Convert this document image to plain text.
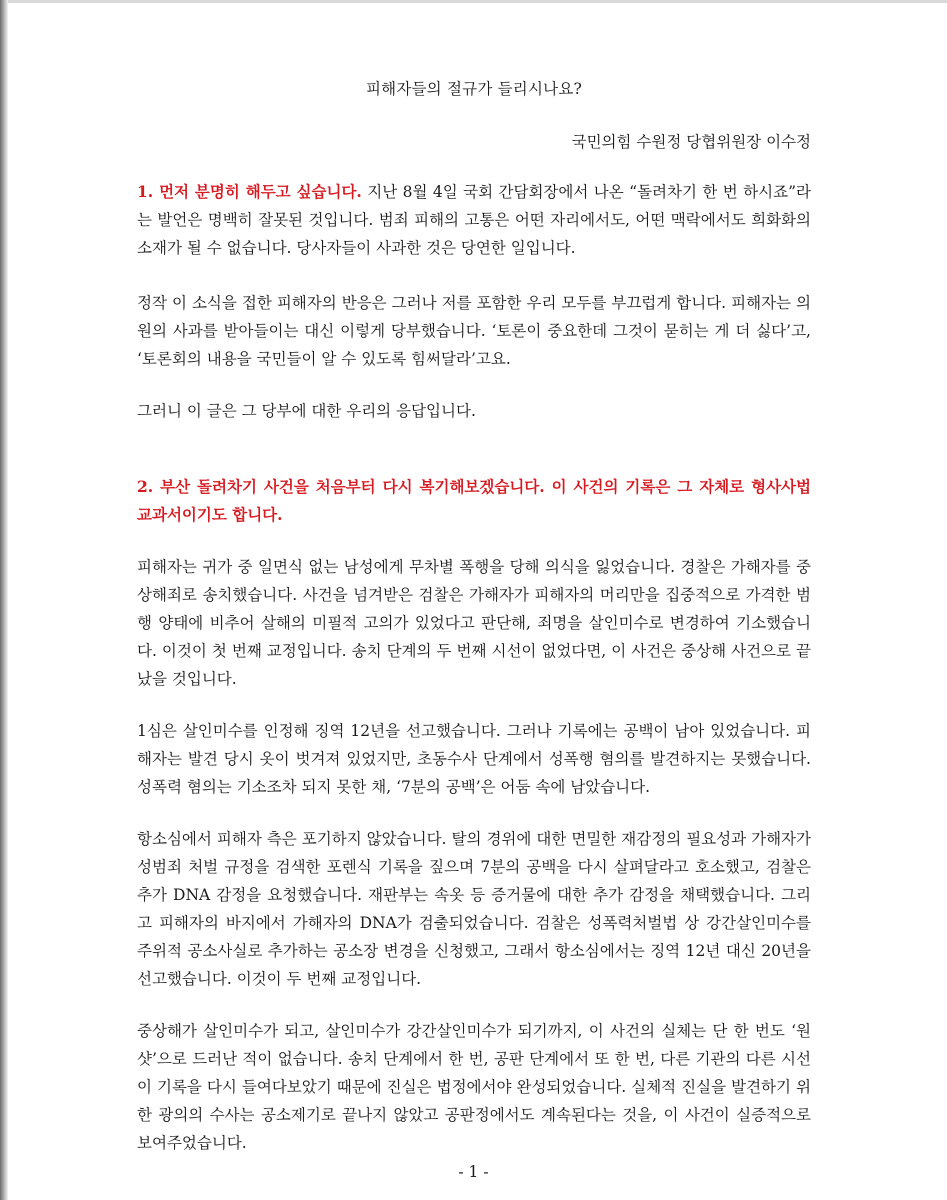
피해자들의 절규가 들리시나요?

국민의힘 수원정 당협위원장 이수정

1. 먼저 분명히 해두고 싶습니다. 지난 8월 4일 국회 간담회장에서 나온 “돌려차기 한 번 하시죠”라는 발언은 명백히 잘못된 것입니다. 범죄 피해의 고통은 어떤 자리에서도, 어떤 맥락에서도 희화화의 소재가 될 수 없습니다. 당사자들이 사과한 것은 당연한 일입니다.

정작 이 소식을 접한 피해자의 반응은 그러나 저를 포함한 우리 모두를 부끄럽게 합니다. 피해자는 의원의 사과를 받아들이는 대신 이렇게 당부했습니다. ‘토론이 중요한데 그것이 묻히는 게 더 싫다’고, ‘토론회의 내용을 국민들이 알 수 있도록 힘써달라’고요.

그러니 이 글은 그 당부에 대한 우리의 응답입니다.

2. 부산 돌려차기 사건을 처음부터 다시 복기해보겠습니다. 이 사건의 기록은 그 자체로 형사사법 교과서이기도 합니다.

피해자는 귀가 중 일면식 없는 남성에게 무차별 폭행을 당해 의식을 잃었습니다. 경찰은 가해자를 중상해죄로 송치했습니다. 사건을 넘겨받은 검찰은 가해자가 피해자의 머리만을 집중적으로 가격한 범행 양태에 비추어 살해의 미필적 고의가 있었다고 판단해, 죄명을 살인미수로 변경하여 기소했습니다. 이것이 첫 번째 교정입니다. 송치 단계의 두 번째 시선이 없었다면, 이 사건은 중상해 사건으로 끝났을 것입니다.

1심은 살인미수를 인정해 징역 12년을 선고했습니다. 그러나 기록에는 공백이 남아 있었습니다. 피해자는 발견 당시 옷이 벗겨져 있었지만, 초동수사 단계에서 성폭행 혐의를 발견하지는 못했습니다. 성폭력 혐의는 기소조차 되지 못한 채, ‘7분의 공백’은 어둠 속에 남았습니다.

항소심에서 피해자 측은 포기하지 않았습니다. 탈의 경위에 대한 면밀한 재감정의 필요성과 가해자가 성범죄 처벌 규정을 검색한 포렌식 기록을 짚으며 7분의 공백을 다시 살펴달라고 호소했고, 검찰은 추가 DNA 감정을 요청했습니다. 재판부는 속옷 등 증거물에 대한 추가 감정을 채택했습니다. 그리고 피해자의 바지에서 가해자의 DNA가 검출되었습니다. 검찰은 성폭력처벌법 상 강간살인미수를 주위적 공소사실로 추가하는 공소장 변경을 신청했고, 그래서 항소심에서는 징역 12년 대신 20년을 선고했습니다. 이것이 두 번째 교정입니다.

중상해가 살인미수가 되고, 살인미수가 강간살인미수가 되기까지, 이 사건의 실체는 단 한 번도 ‘원샷’으로 드러난 적이 없습니다. 송치 단계에서 한 번, 공판 단계에서 또 한 번, 다른 기관의 다른 시선이 기록을 다시 들여다보았기 때문에 진실은 법정에서야 완성되었습니다. 실체적 진실을 발견하기 위한 광의의 수사는 공소제기로 끝나지 않았고 공판정에서도 계속된다는 것을, 이 사건이 실증적으로 보여주었습니다.

- 1 -
